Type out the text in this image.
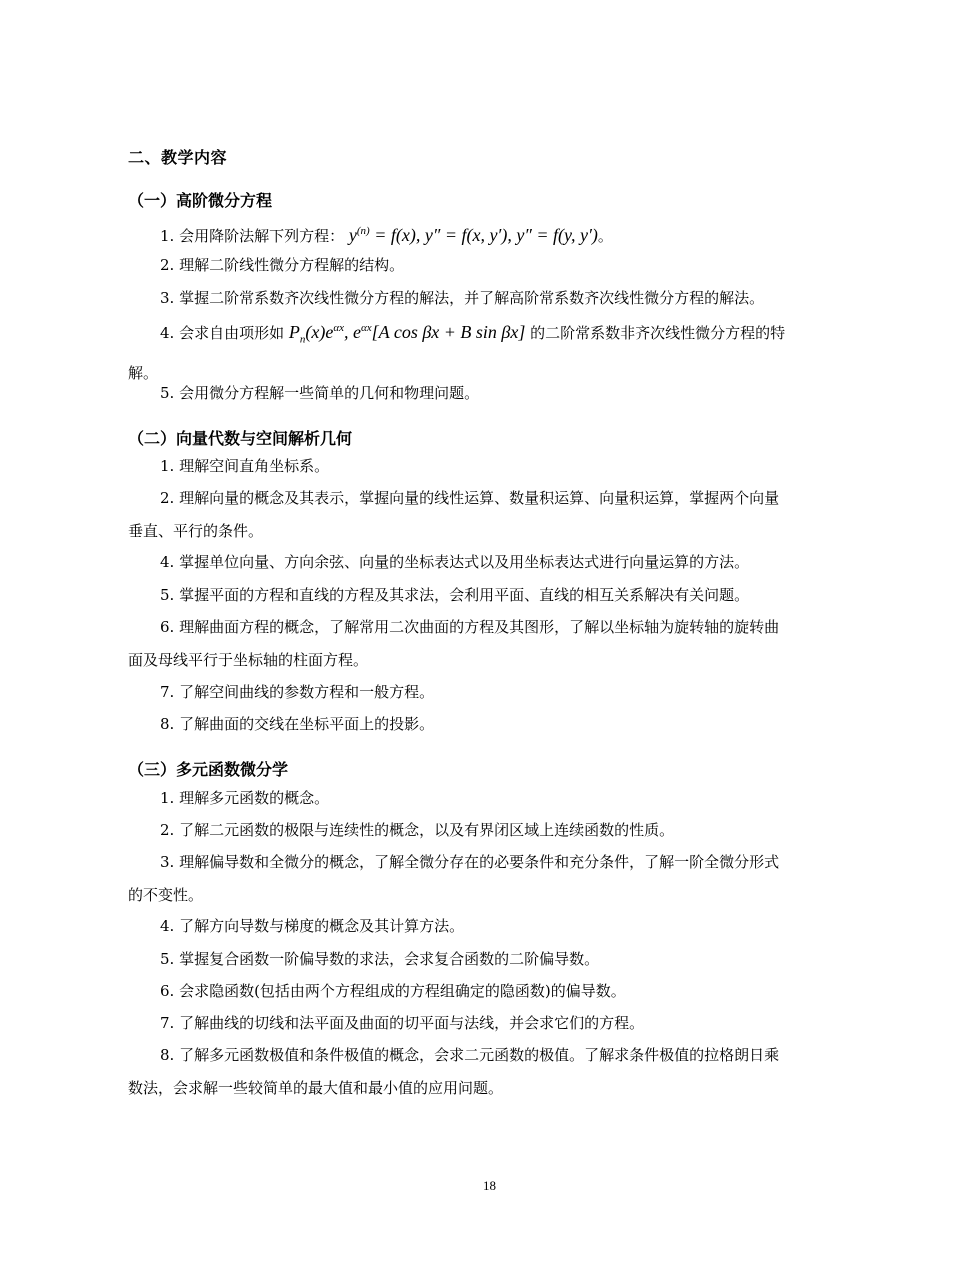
二、教学内容
（一）高阶微分方程
1. 会用降阶法解下列方程： $y^{(n)} = f(x)$, y″ = f(x, y′), y″ = f(y, y′)。
2. 理解二阶线性微分方程解的结构。
3. 掌握二阶常系数齐次线性微分方程的解法，并了解高阶常系数齐次线性微分方程的解法。
4. 会求自由项形如 $P_n(x)e^{\alpha x}$, $e^{\alpha x}[A$ cos βx + B sin βx] 的二阶常系数非齐次线性微分方程的特
解。
5. 会用微分方程解一些简单的几何和物理问题。
（二）向量代数与空间解析几何
1. 理解空间直角坐标系。
2. 理解向量的概念及其表示，掌握向量的线性运算、数量积运算、向量积运算，掌握两个向量
垂直、平行的条件。
4. 掌握单位向量、方向余弦、向量的坐标表达式以及用坐标表达式进行向量运算的方法。
5. 掌握平面的方程和直线的方程及其求法，会利用平面、直线的相互关系解决有关问题。
6. 理解曲面方程的概念，了解常用二次曲面的方程及其图形，了解以坐标轴为旋转轴的旋转曲
面及母线平行于坐标轴的柱面方程。
7. 了解空间曲线的参数方程和一般方程。
8. 了解曲面的交线在坐标平面上的投影。
（三）多元函数微分学
1. 理解多元函数的概念。
2. 了解二元函数的极限与连续性的概念，以及有界闭区域上连续函数的性质。
3. 理解偏导数和全微分的概念，了解全微分存在的必要条件和充分条件，了解一阶全微分形式
的不变性。
4. 了解方向导数与梯度的概念及其计算方法。
5. 掌握复合函数一阶偏导数的求法，会求复合函数的二阶偏导数。
6. 会求隐函数(包括由两个方程组成的方程组确定的隐函数)的偏导数。
7. 了解曲线的切线和法平面及曲面的切平面与法线，并会求它们的方程。
8. 了解多元函数极值和条件极值的概念，会求二元函数的极值。了解求条件极值的拉格朗日乘
数法，会求解一些较简单的最大值和最小值的应用问题。
18
